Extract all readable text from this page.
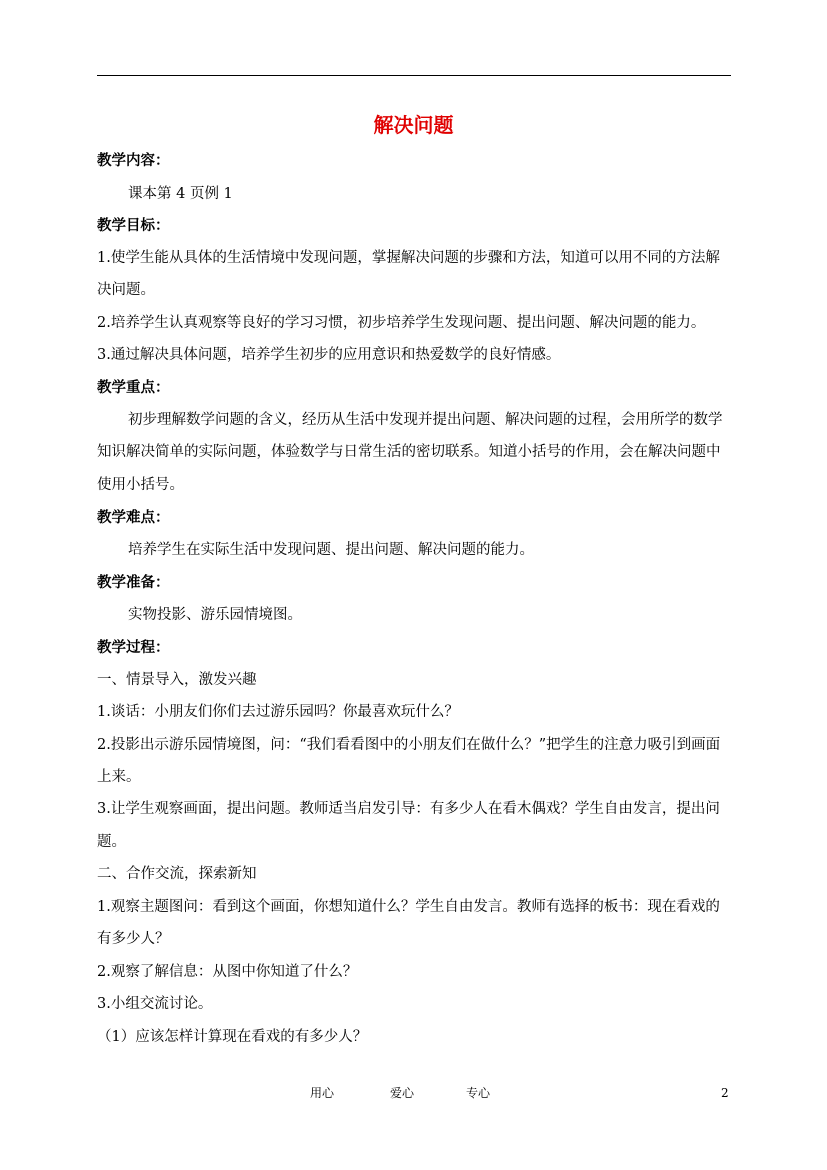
解决问题
教学内容：
课本第 4 页例 1
教学目标：
1.使学生能从具体的生活情境中发现问题，掌握解决问题的步骤和方法，知道可以用不同的方法解
决问题。
2.培养学生认真观察等良好的学习习惯，初步培养学生发现问题、提出问题、解决问题的能力。
3.通过解决具体问题，培养学生初步的应用意识和热爱数学的良好情感。
教学重点：
初步理解数学问题的含义，经历从生活中发现并提出问题、解决问题的过程，会用所学的数学
知识解决简单的实际问题，体验数学与日常生活的密切联系。知道小括号的作用，会在解决问题中
使用小括号。
教学难点：
培养学生在实际生活中发现问题、提出问题、解决问题的能力。
教学准备：
实物投影、游乐园情境图。
教学过程：
一、情景导入，激发兴趣
1.谈话：小朋友们你们去过游乐园吗？你最喜欢玩什么？
2.投影出示游乐园情境图，问：“我们看看图中的小朋友们在做什么？”把学生的注意力吸引到画面
上来。
3.让学生观察画面，提出问题。教师适当启发引导：有多少人在看木偶戏？学生自由发言，提出问
题。
二、合作交流，探索新知
1.观察主题图问：看到这个画面，你想知道什么？学生自由发言。教师有选择的板书：现在看戏的
有多少人？
2.观察了解信息：从图中你知道了什么？
3.小组交流讨论。
（1）应该怎样计算现在看戏的有多少人？
用心	爱心	专心	2
